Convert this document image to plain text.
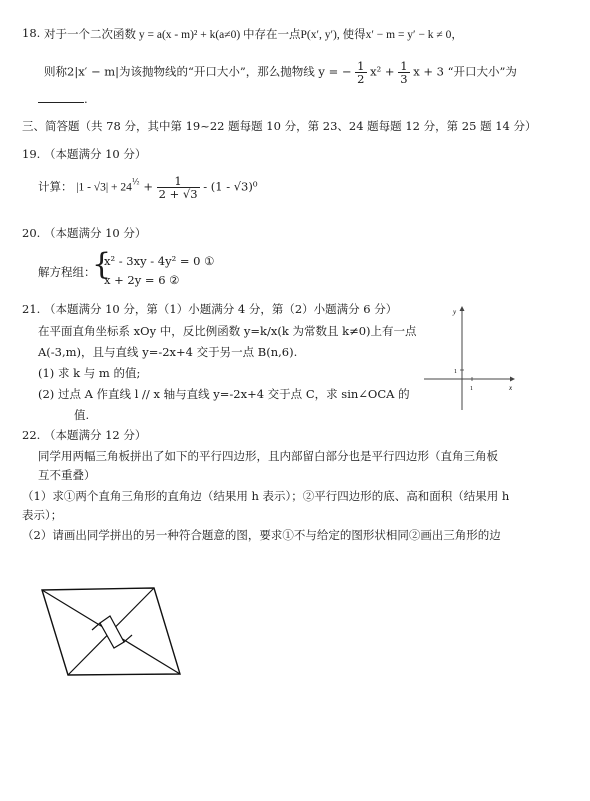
18. 对于一个二次函数 y = a(x - m)² + k(a≠0) 中存在一点P(x′, y′), 使得x′ − m = y′ − k ≠ 0，
则称2|x′ − m|为该抛物线的“开口大小”，那么抛物线 y = − $\frac{1}{2} x^2 + \frac{1}{3}$ x + 3 “开口大小”为
.
三、简答题（共 78 分，其中第 19~22 题每题 10 分，第 23、24 题每题 12 分，第 25 题 14 分）
19. （本题满分 10 分）
计算： $|1 - √3| + 24^{\frac{1}{2}} + \frac{1}{2 + √3} - (1 - √3)^0$
20. （本题满分 10 分）
解方程组：
{
x² - 3xy - 4y² = 0 ①
x + 2y = 6 ②
21. （本题满分 10 分，第（1）小题满分 4 分，第（2）小题满分 6 分）
在平面直角坐标系 xOy 中，反比例函数 y=k/x(k 为常数且 k≠0)上有一点
A(-3,m)，且与直线 y=-2x+4 交于另一点 B(n,6).
(1) 求 k 与 m 的值;
(2) 过点 A 作直线 l // x 轴与直线 y=-2x+4 交于点 C，求 sin∠OCA 的
值.
y
x
1
1
22. （本题满分 12 分）
同学用两幅三角板拼出了如下的平行四边形，且内部留白部分也是平行四边形（直角三角板
互不重叠）
（1）求①两个直角三角形的直角边（结果用 h 表示）；②平行四边形的底、高和面积（结果用 h
表示）；
（2）请画出同学拼出的另一种符合题意的图，要求①不与给定的图形状相同②画出三角形的边
